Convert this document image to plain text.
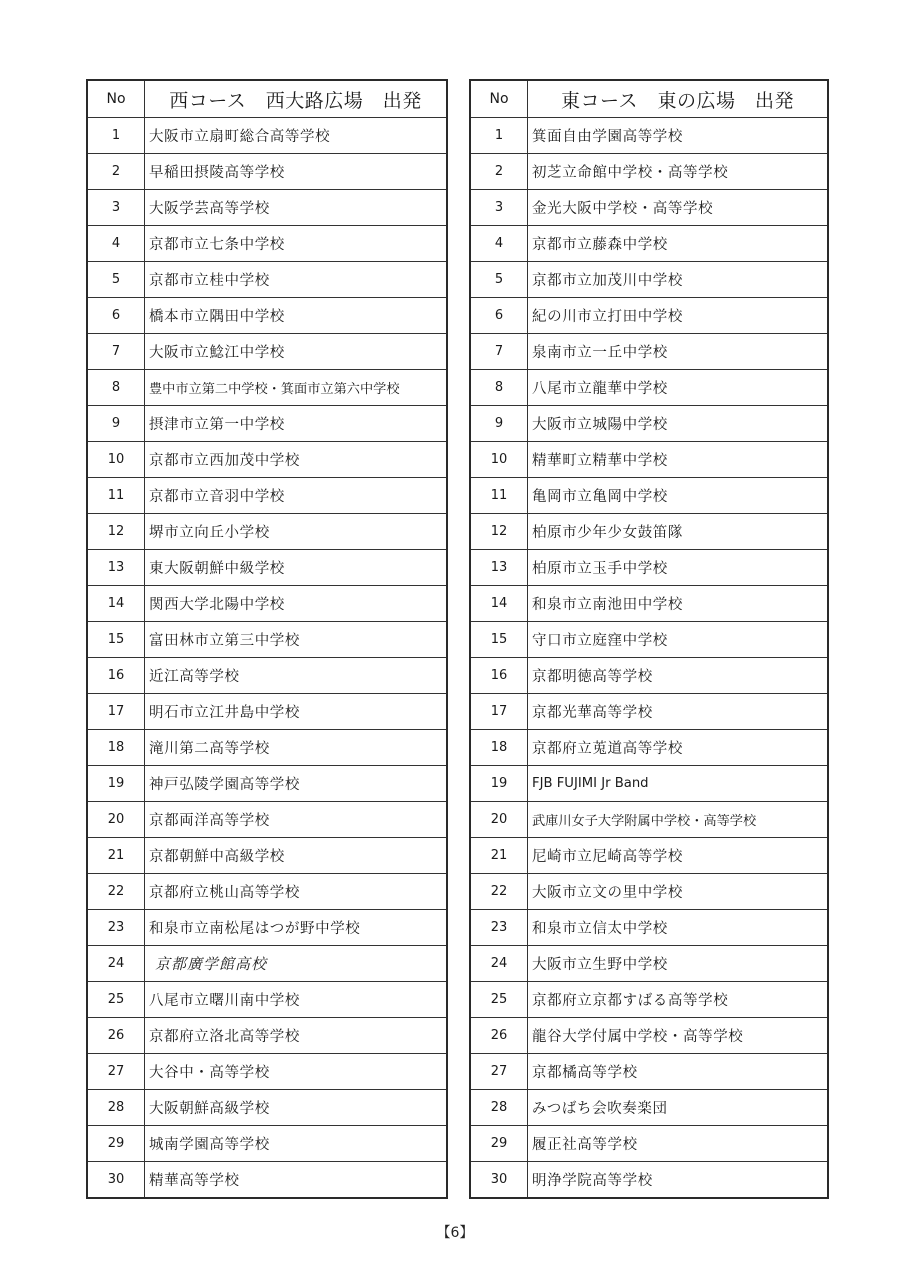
No	西コース　西大路広場　出発
1	大阪市立扇町総合高等学校
2	早稲田摂陵高等学校
3	大阪学芸高等学校
4	京都市立七条中学校
5	京都市立桂中学校
6	橋本市立隅田中学校
7	大阪市立鯰江中学校
8	豊中市立第二中学校・箕面市立第六中学校
9	摂津市立第一中学校
10	京都市立西加茂中学校
11	京都市立音羽中学校
12	堺市立向丘小学校
13	東大阪朝鮮中級学校
14	関西大学北陽中学校
15	富田林市立第三中学校
16	近江高等学校
17	明石市立江井島中学校
18	滝川第二高等学校
19	神戸弘陵学園高等学校
20	京都両洋高等学校
21	京都朝鮮中高級学校
22	京都府立桃山高等学校
23	和泉市立南松尾はつが野中学校
24	京都廣学館高校
25	八尾市立曙川南中学校
26	京都府立洛北高等学校
27	大谷中・高等学校
28	大阪朝鮮高級学校
29	城南学園高等学校
30	精華高等学校
No	東コース　東の広場　出発
1	箕面自由学園高等学校
2	初芝立命館中学校・高等学校
3	金光大阪中学校・高等学校
4	京都市立藤森中学校
5	京都市立加茂川中学校
6	紀の川市立打田中学校
7	泉南市立一丘中学校
8	八尾市立龍華中学校
9	大阪市立城陽中学校
10	精華町立精華中学校
11	亀岡市立亀岡中学校
12	柏原市少年少女鼓笛隊
13	柏原市立玉手中学校
14	和泉市立南池田中学校
15	守口市立庭窪中学校
16	京都明徳高等学校
17	京都光華高等学校
18	京都府立莵道高等学校
19	FJB FUJIMI Jr Band
20	武庫川女子大学附属中学校・高等学校
21	尼崎市立尼崎高等学校
22	大阪市立文の里中学校
23	和泉市立信太中学校
24	大阪市立生野中学校
25	京都府立京都すばる高等学校
26	龍谷大学付属中学校・高等学校
27	京都橘高等学校
28	みつばち会吹奏楽団
29	履正社高等学校
30	明浄学院高等学校
【6】
